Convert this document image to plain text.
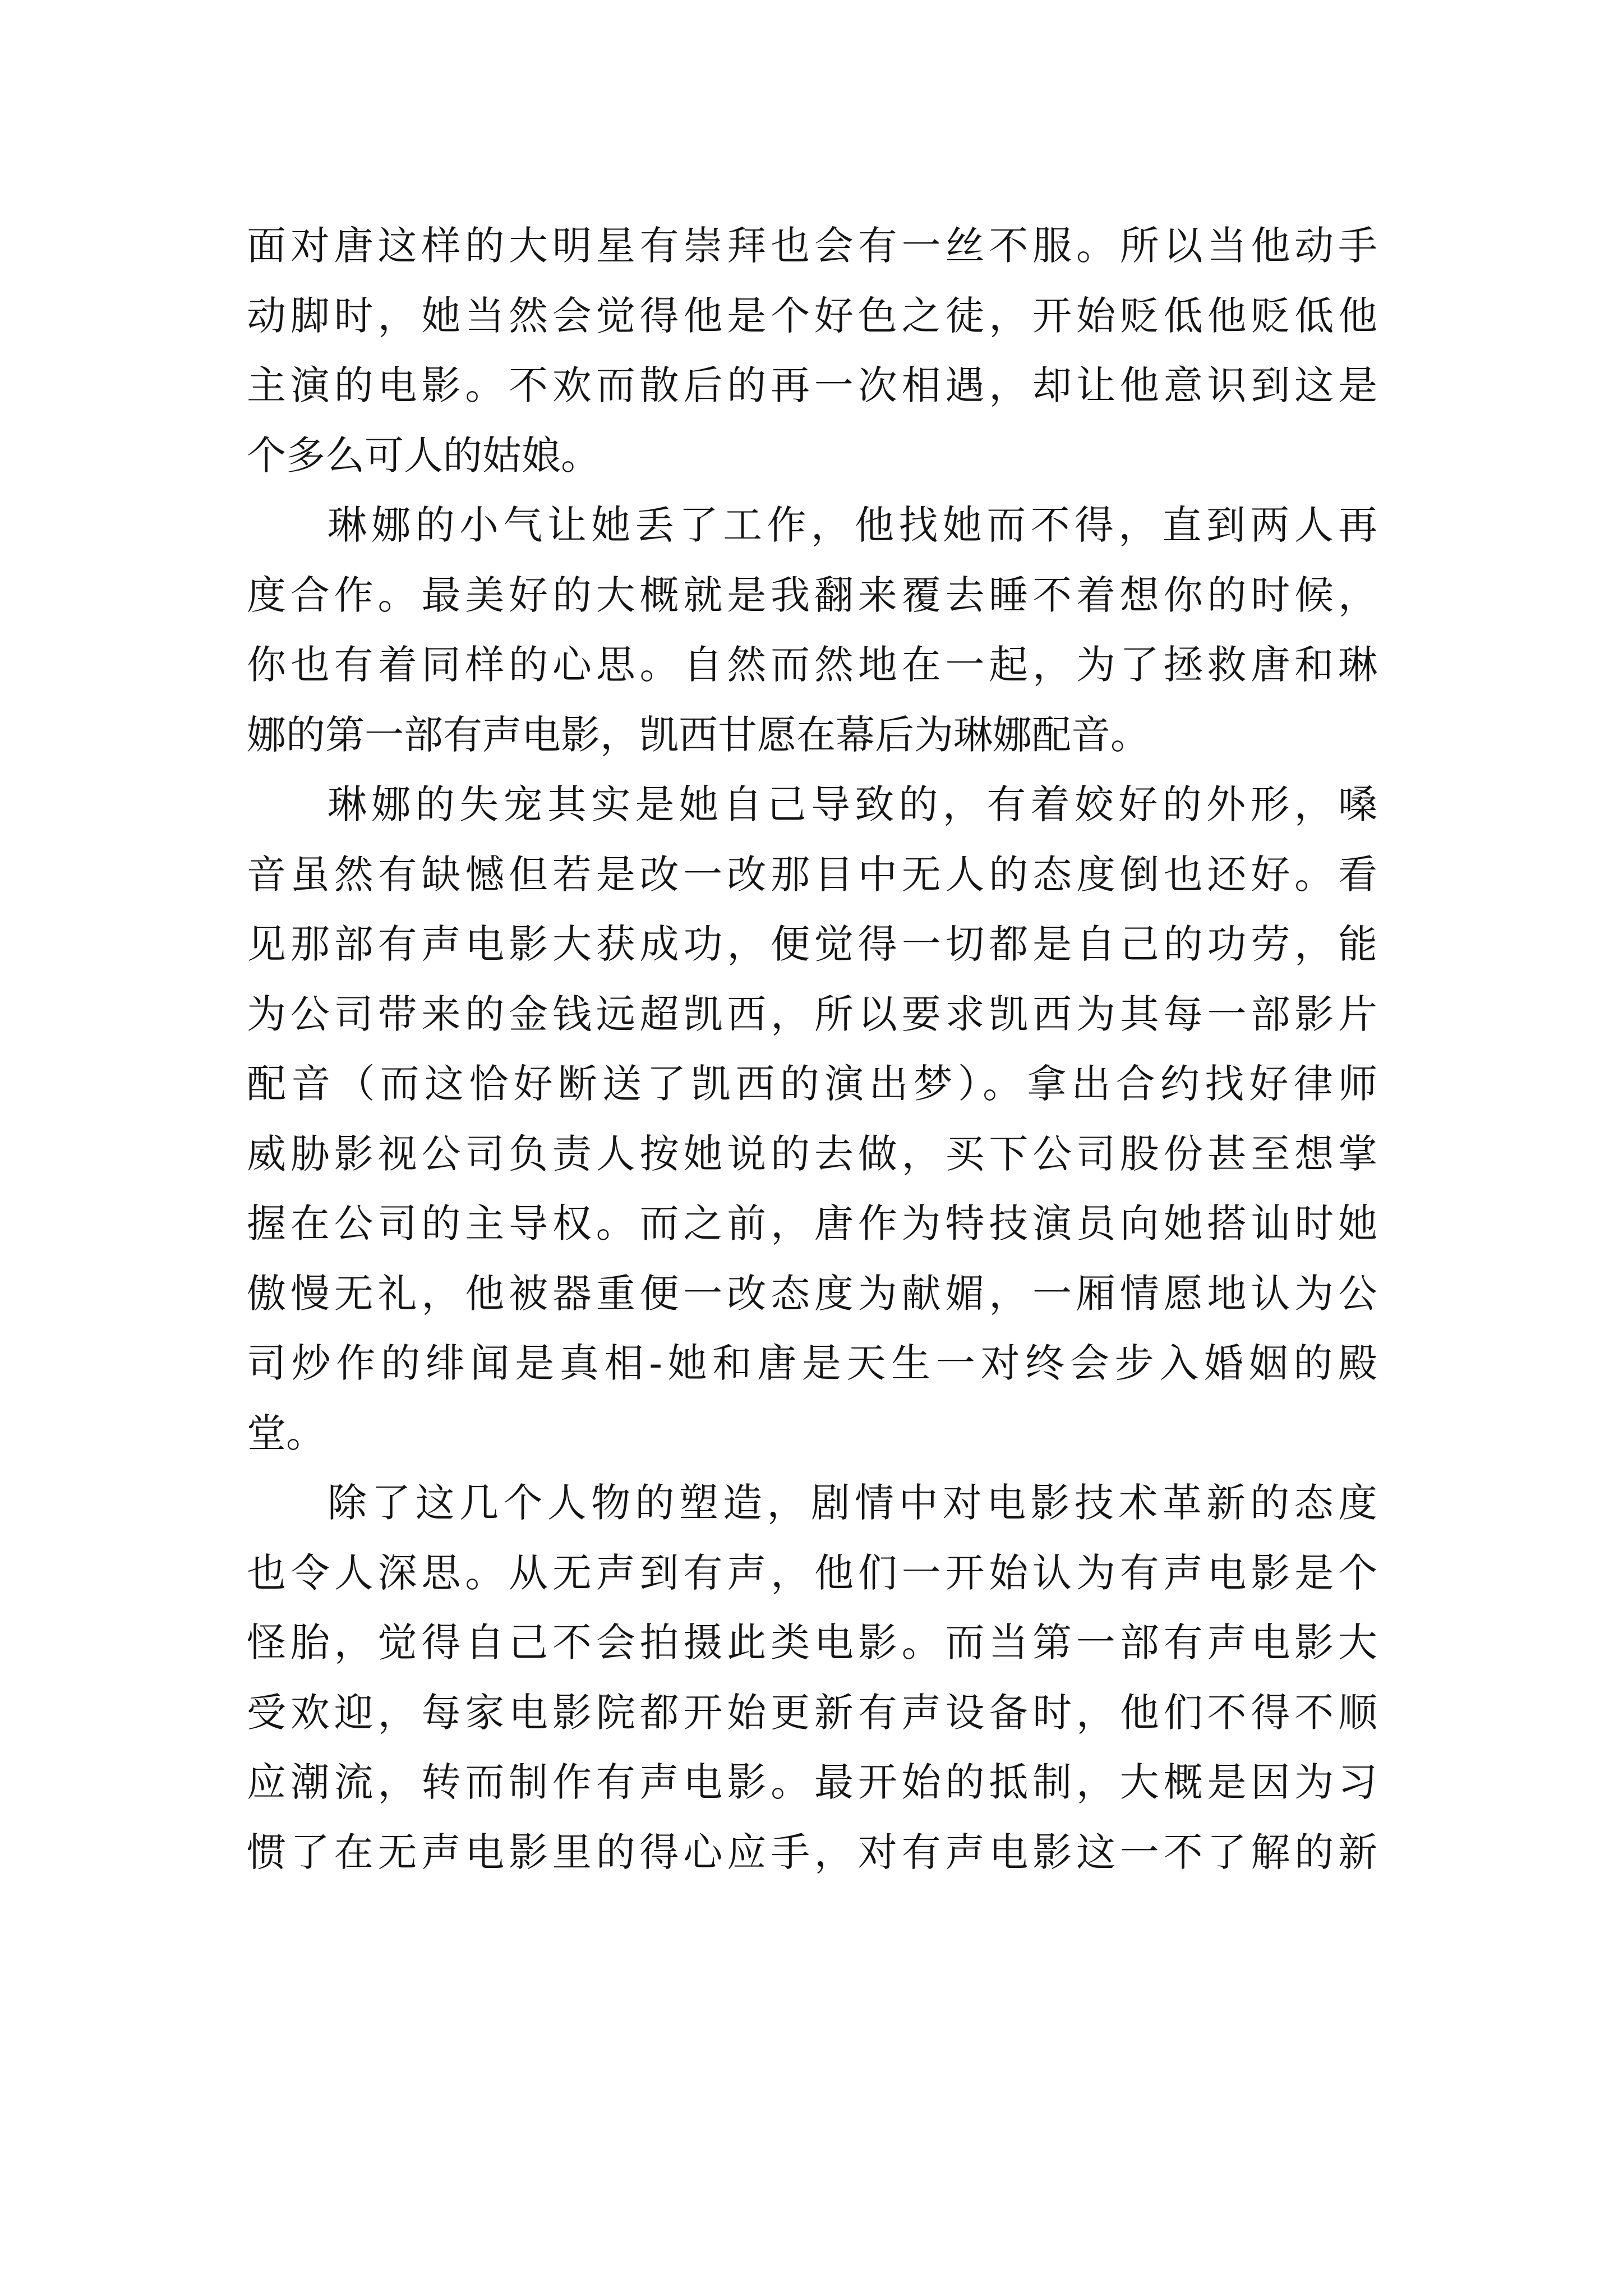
面对唐这样的大明星有崇拜也会有一丝不服。所以当他动手
动脚时，她当然会觉得他是个好色之徒，开始贬低他贬低他
主演的电影。不欢而散后的再一次相遇，却让他意识到这是
个多么可人的姑娘。
琳娜的小气让她丢了工作，他找她而不得，直到两人再
度合作。最美好的大概就是我翻来覆去睡不着想你的时候，
你也有着同样的心思。自然而然地在一起，为了拯救唐和琳
娜的第一部有声电影，凯西甘愿在幕后为琳娜配音。
琳娜的失宠其实是她自己导致的，有着姣好的外形，嗓
音虽然有缺憾但若是改一改那目中无人的态度倒也还好。看
见那部有声电影大获成功，便觉得一切都是自己的功劳，能
为公司带来的金钱远超凯西，所以要求凯西为其每一部影片
配音（而这恰好断送了凯西的演出梦）。拿出合约找好律师
威胁影视公司负责人按她说的去做，买下公司股份甚至想掌
握在公司的主导权。而之前，唐作为特技演员向她搭讪时她
傲慢无礼，他被器重便一改态度为献媚，一厢情愿地认为公
司炒作的绯闻是真相-她和唐是天生一对终会步入婚姻的殿
堂。
除了这几个人物的塑造，剧情中对电影技术革新的态度
也令人深思。从无声到有声，他们一开始认为有声电影是个
怪胎，觉得自己不会拍摄此类电影。而当第一部有声电影大
受欢迎，每家电影院都开始更新有声设备时，他们不得不顺
应潮流，转而制作有声电影。最开始的抵制，大概是因为习
惯了在无声电影里的得心应手，对有声电影这一不了解的新
